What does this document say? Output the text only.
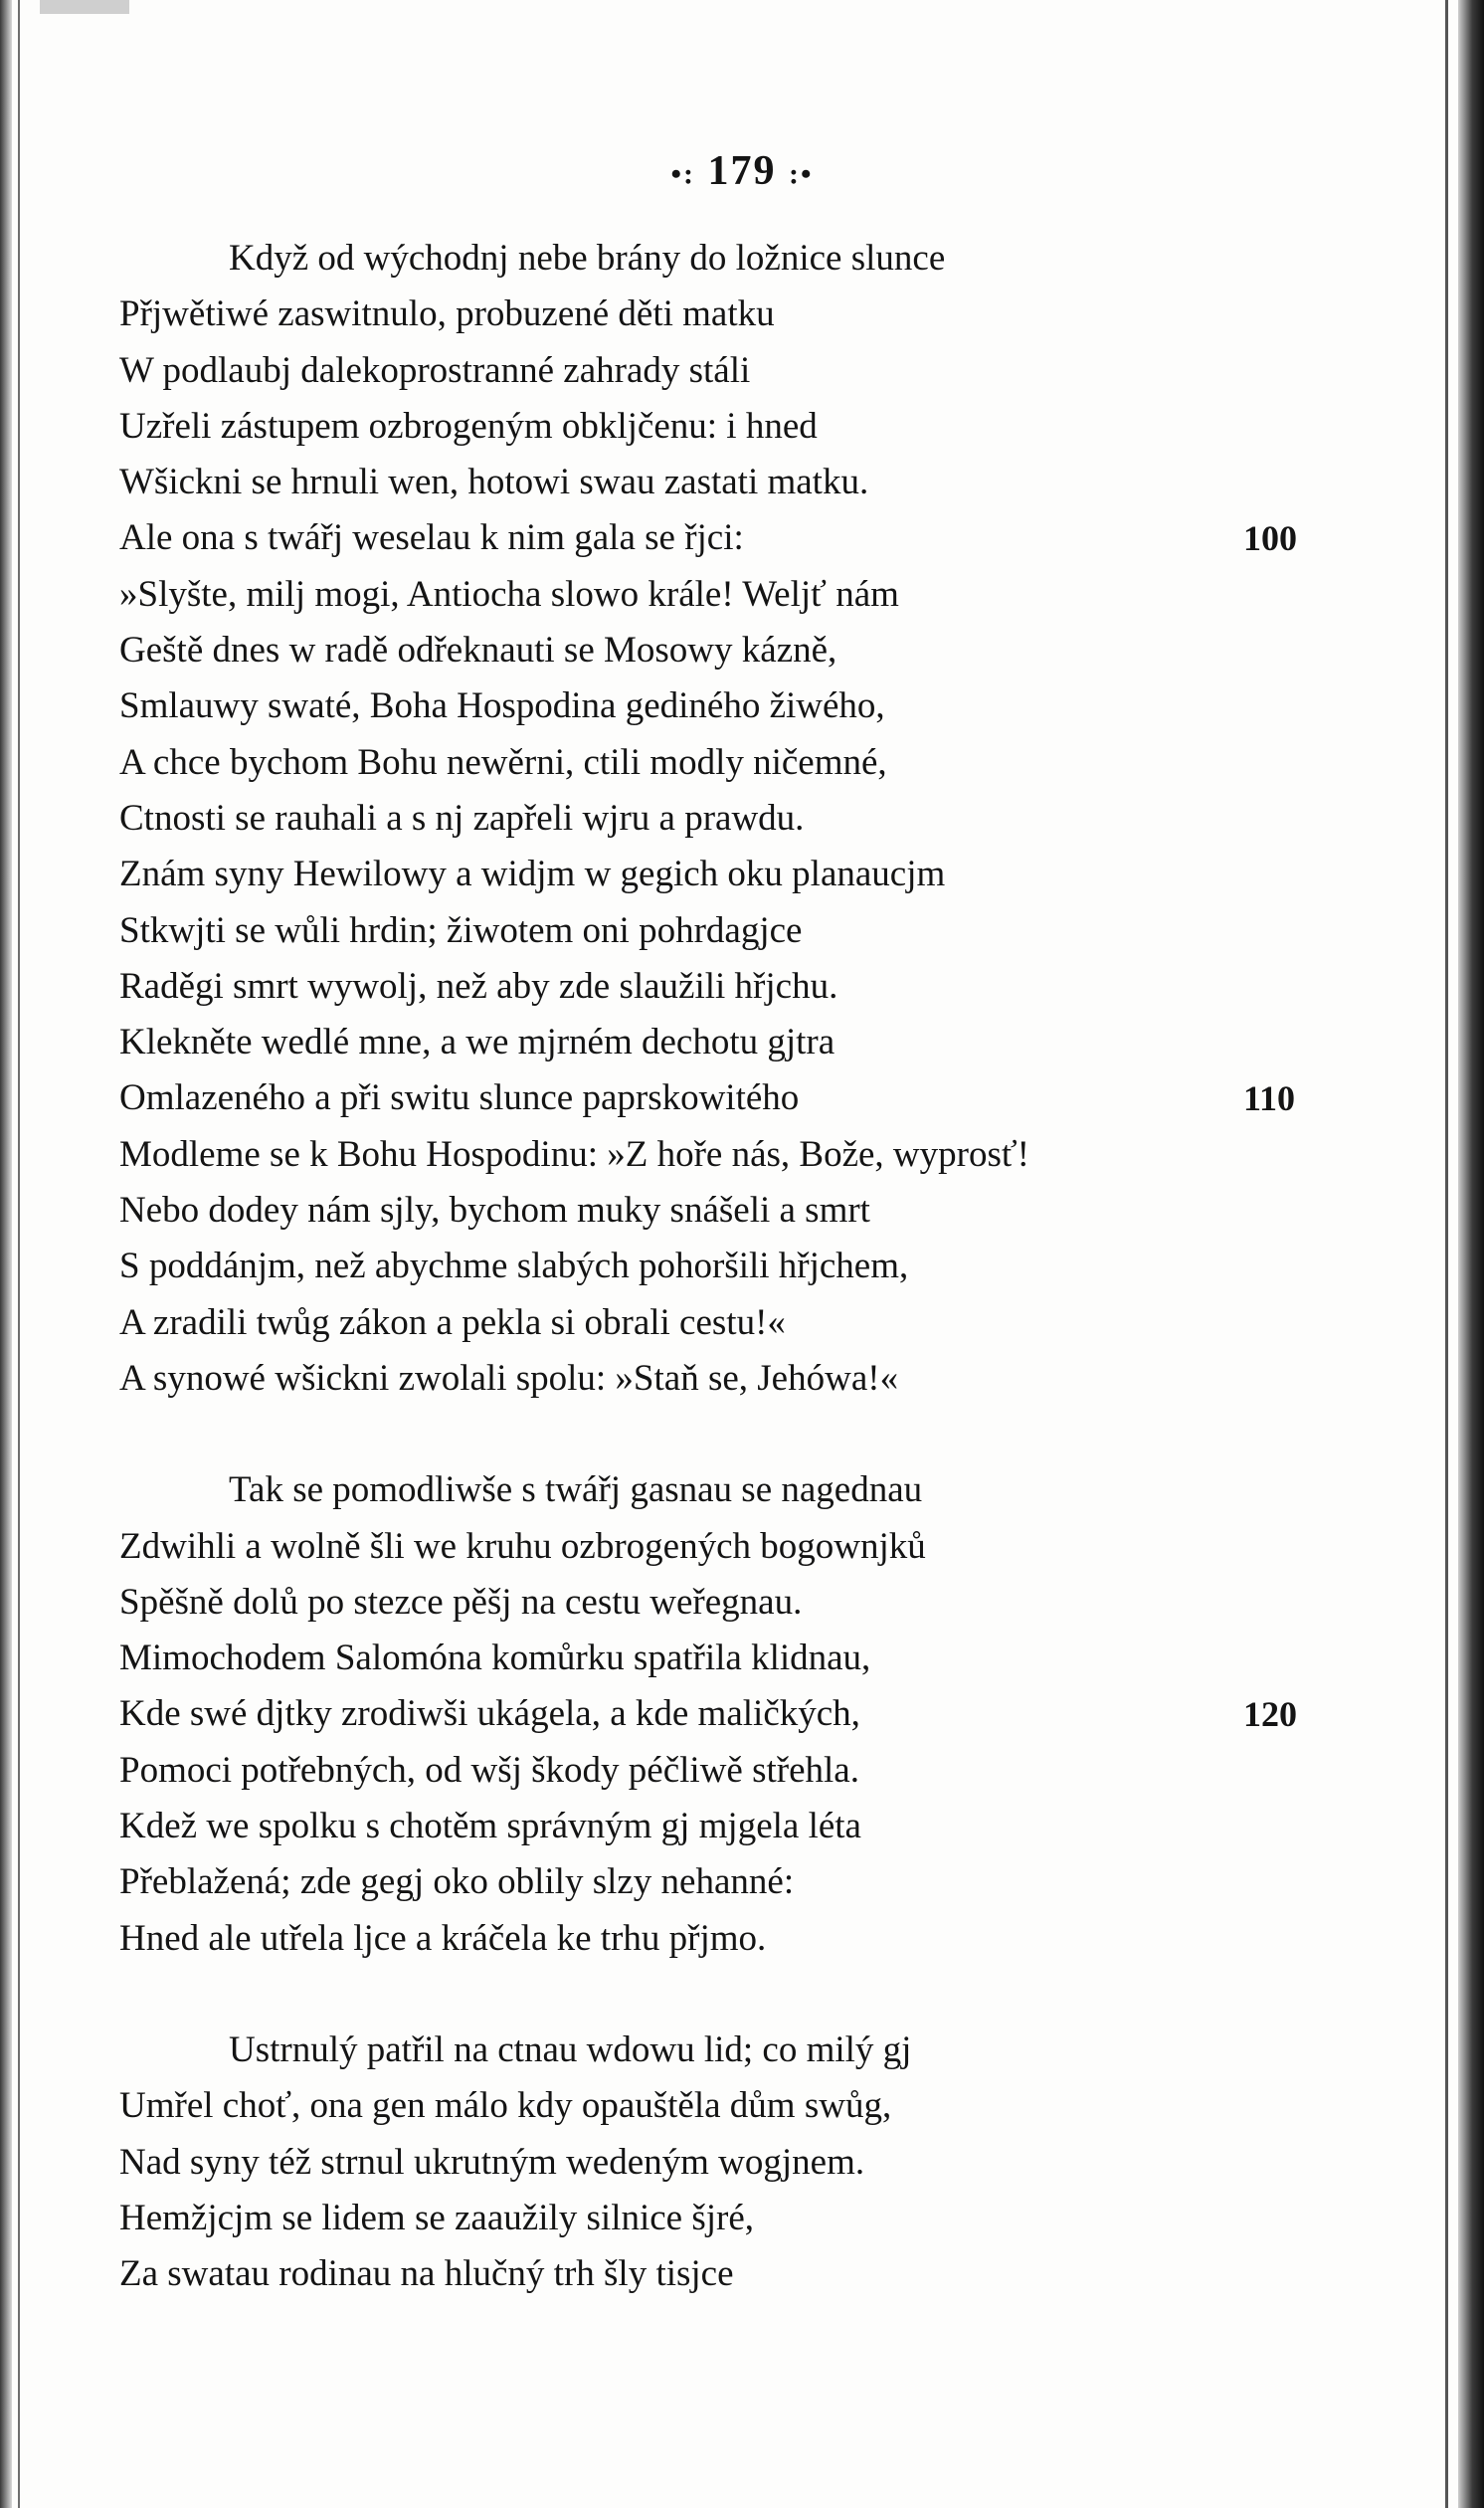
•: 179 :•
Když od wýchodnj nebe brány do ložnice slunce
Přjwětiwé zaswitnulo, probuzené děti matku
W podlaubj dalekoprostranné zahrady stáli
Uzřeli zástupem ozbrogeným obkljčenu: i hned
Wšickni se hrnuli wen, hotowi swau zastati matku.
Ale ona s twářj weselau k nim gala se řjci:	100
»Slyšte, milj mogi, Antiocha slowo krále! Weljť nám
Geště dnes w radě odřeknauti se Mosowy kázně,
Smlauwy swaté, Boha Hospodina gediného žiwého,
A chce bychom Bohu newěrni, ctili modly ničemné,
Ctnosti se rauhali a s nj zapřeli wjru a prawdu.
Znám syny Hewilowy a widjm w gegich oku planaucjm
Stkwjti se wůli hrdin; žiwotem oni pohrdagjce
Raděgi smrt wywolj, než aby zde slaužili hřjchu.
Klekněte wedlé mne, a we mjrném dechotu gjtra
Omlazeného a při switu slunce paprskowitého	110
Modleme se k Bohu Hospodinu: »Z hoře nás, Bože, wyprosť!
Nebo dodey nám sjly, bychom muky snášeli a smrt
S poddánjm, než abychme slabých pohoršili hřjchem,
A zradili twůg zákon a pekla si obrali cestu!«
A synowé wšickni zwolali spolu: »Staň se, Jehówa!«
Tak se pomodliwše s twářj gasnau se nagednau
Zdwihli a wolně šli we kruhu ozbrogených bogownjků
Spěšně dolů po stezce pěšj na cestu weřegnau.
Mimochodem Salomóna komůrku spatřila klidnau,
Kde swé djtky zrodiwši ukágela, a kde maličkých,	120
Pomoci potřebných, od wšj škody péčliwě střehla.
Kdež we spolku s chotěm správným gj mjgela léta
Přeblažená; zde gegj oko oblily slzy nehanné:
Hned ale utřela ljce a kráčela ke trhu přjmo.
Ustrnulý patřil na ctnau wdowu lid; co milý gj
Umřel choť, ona gen málo kdy opauštěla dům swůg,
Nad syny též strnul ukrutným wedeným wogjnem.
Hemžjcjm se lidem se zaaužily silnice šjré,
Za swatau rodinau na hlučný trh šly tisjce
